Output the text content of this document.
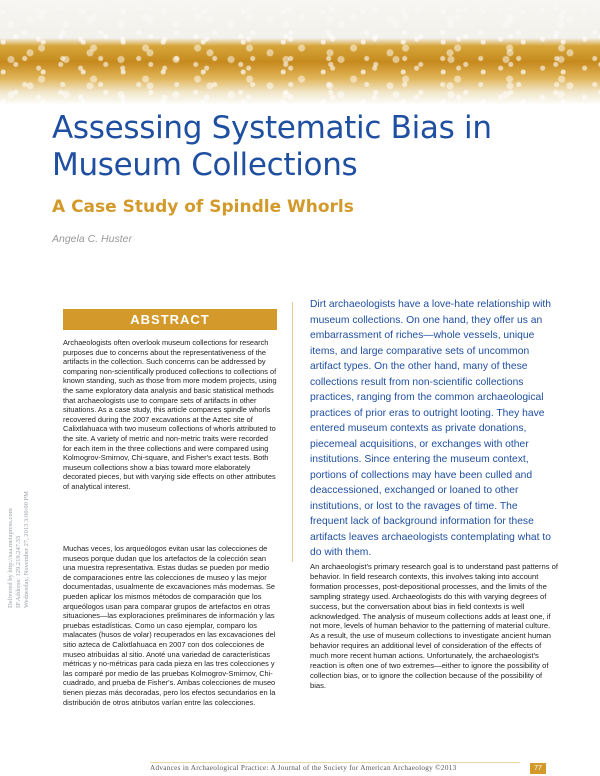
Assessing Systematic Bias in Museum Collections
A Case Study of Spindle Whorls
Angela C. Huster
Delivered by http://saa.metapress.com IP Address: 129.219.247.33 Wednesday, November 27, 2013 3:00:00 PM
ABSTRACT

Archaeologists often overlook museum collections for research purposes due to concerns about the representativeness of the artifacts in the collection. Such concerns can be addressed by comparing non-scientifically produced collections to collections of known standing, such as those from more modern projects, using the same exploratory data analysis and basic statistical methods that archaeologists use to compare sets of artifacts in other situations. As a case study, this article compares spindle whorls recovered during the 2007 excavations at the Aztec site of Calixtlahuaca with two museum collections of whorls attributed to the site. A variety of metric and non-metric traits were recorded for each item in the three collections and were compared using Kolmogrov-Smirnov, Chi-square, and Fisher's exact tests. Both museum collections show a bias toward more elaborately decorated pieces, but with varying side effects on other attributes of analytical interest.

Muchas veces, los arqueólogos evitan usar las colecciones de museos porque dudan que los artefactos de la colección sean una muestra representativa. Estas dudas se pueden por medio de comparaciones entre las colecciones de museo y las mejor documentadas, usualmente de excavaciones más modernas. Se pueden aplicar los mismos métodos de comparación que los arqueólogos usan para comparar grupos de artefactos en otras situaciones—las exploraciones preliminares de información y las pruebas estadísticas. Como un caso ejemplar, comparo los malacates (husos de volar) recuperados en las excavaciones del sitio azteca de Calixtlahuaca en 2007 con dos colecciones de museo atribuidas al sitio. Anoté una variedad de características métricas y no-métricas para cada pieza en las tres colecciones y las comparé por medio de las pruebas Kolmogrov-Smirnov, Chi-cuadrado, and prueba de Fisher's. Ambas colecciones de museo tienen piezas más decoradas, pero los efectos secundarios en la distribución de otros atributos varían entre las colecciones.

Dirt archaeologists have a love-hate relationship with museum collections. On one hand, they offer us an embarrassment of riches—whole vessels, unique items, and large comparative sets of uncommon artifact types. On the other hand, many of these collections result from non-scientific collections practices, ranging from the common archaeological practices of prior eras to outright looting. They have entered museum contexts as private donations, piecemeal acquisitions, or exchanges with other institutions. Since entering the museum context, portions of collections may have been culled and deaccessioned, exchanged or loaned to other institutions, or lost to the ravages of time. The frequent lack of background information for these artifacts leaves archaeologists contemplating what to do with them.

An archaeologist's primary research goal is to understand past patterns of behavior. In field research contexts, this involves taking into account formation processes, post-depositional processes, and the limits of the sampling strategy used. Archaeologists do this with varying degrees of success, but the conversation about bias in field contexts is well acknowledged. The analysis of museum collections adds at least one, if not more, levels of human behavior to the patterning of material culture. As a result, the use of museum collections to investigate ancient human behavior requires an additional level of consideration of the effects of much more recent human actions. Unfortunately, the archaeologist's reaction is often one of two extremes—either to ignore the possibility of collection bias, or to ignore the collection because of the possibility of bias.

Advances in Archaeological Practice: A Journal of the Society for American Archaeology ©2013	77
